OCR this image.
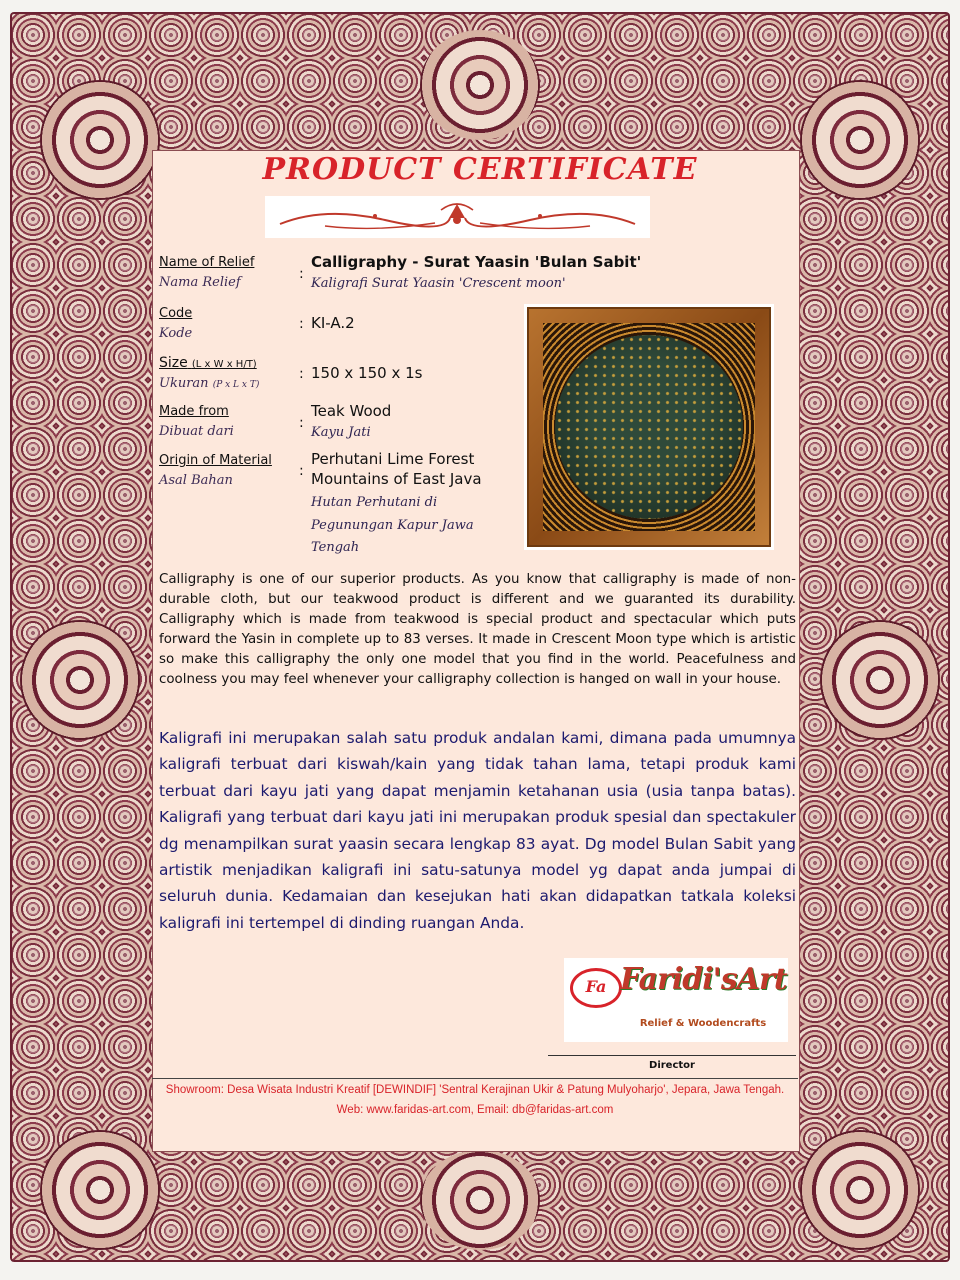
PRODUCT CERTIFICATE
Name of Relief
Nama Relief
:
Calligraphy - Surat Yaasin 'Bulan Sabit'
Kaligrafi Surat Yaasin 'Crescent moon'
Code
Kode
: KI-A.2
Size (L x W x H/T)
Ukuran (P x L x T)
: 150 x 150 x 1s
Made from
Dibuat dari
:
Teak Wood
Kayu Jati
Origin of Material
Asal Bahan
:
Perhutani Lime Forest
Mountains of East Java
Hutan Perhutani di
Pegunungan Kapur Jawa
Tengah

Calligraphy is one of our superior products. As you know that calligraphy is made of non-durable cloth, but our teakwood product is different and we guaranted its durability. Calligraphy which is made from teakwood is special product and spectacular which puts forward the Yasin in complete up to 83 verses. It made in Crescent Moon type which is artistic so make this calligraphy the only one model that you find in the world. Peacefulness and coolness you may feel whenever your calligraphy collection is hanged on wall in your house.

Kaligrafi ini merupakan salah satu produk andalan kami, dimana pada umumnya kaligrafi terbuat dari kiswah/kain yang tidak tahan lama, tetapi produk kami terbuat dari kayu jati yang dapat menjamin ketahanan usia (usia tanpa batas). Kaligrafi yang terbuat dari kayu jati ini merupakan produk spesial dan spectakuler dg menampilkan surat yaasin secara lengkap 83 ayat. Dg model Bulan Sabit yang artistik menjadikan kaligrafi ini satu-satunya model yg dapat anda jumpai di seluruh dunia. Kedamaian dan kesejukan hati akan didapatkan tatkala koleksi kaligrafi ini tertempel di dinding ruangan Anda.

Fa Faridi'sArt
Relief & Woodencrafts
Director
Showroom: Desa Wisata Industri Kreatif [DEWINDIF] 'Sentral Kerajinan Ukir & Patung Mulyoharjo', Jepara, Jawa Tengah.
Web: www.faridas-art.com, Email: db@faridas-art.com
